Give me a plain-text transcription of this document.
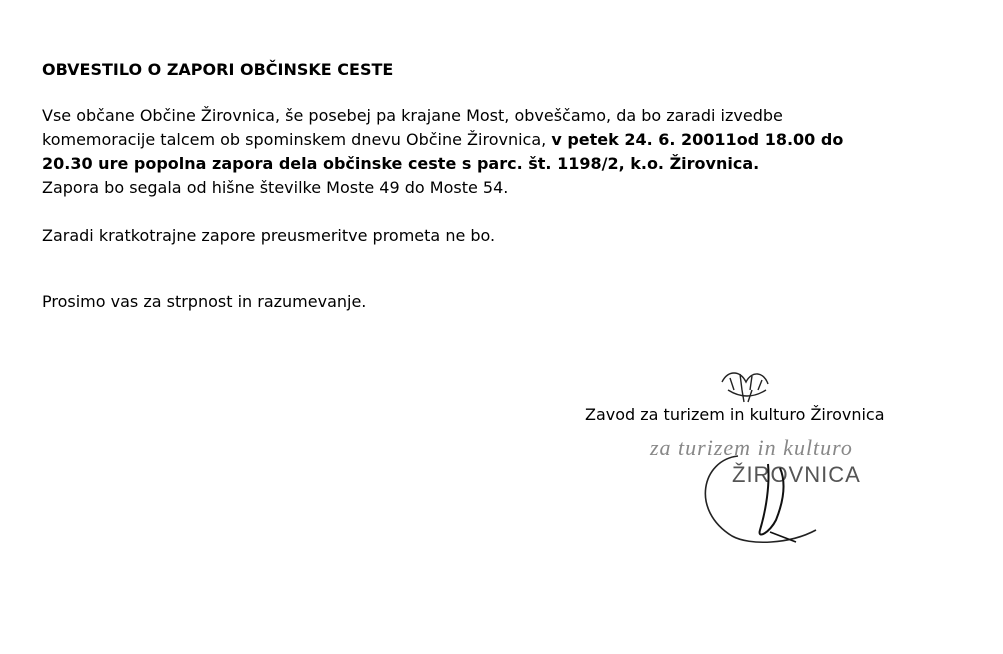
OBVESTILO O ZAPORI OBČINSKE CESTE
Vse občane Občine Žirovnica, še posebej pa krajane Most, obveščamo, da bo zaradi izvedbe
komemoracije talcem ob spominskem dnevu Občine Žirovnica, v petek 24. 6. 20011od 18.00 do
20.30 ure popolna zapora dela občinske ceste s parc. št. 1198/2, k.o. Žirovnica.
Zapora bo segala od hišne številke Moste 49 do Moste 54.
Zaradi kratkotrajne zapore preusmeritve prometa ne bo.
Prosimo vas za strpnost in razumevanje.
za turizem in kulturo
ŽIROVNICA
Zavod za turizem in kulturo Žirovnica
